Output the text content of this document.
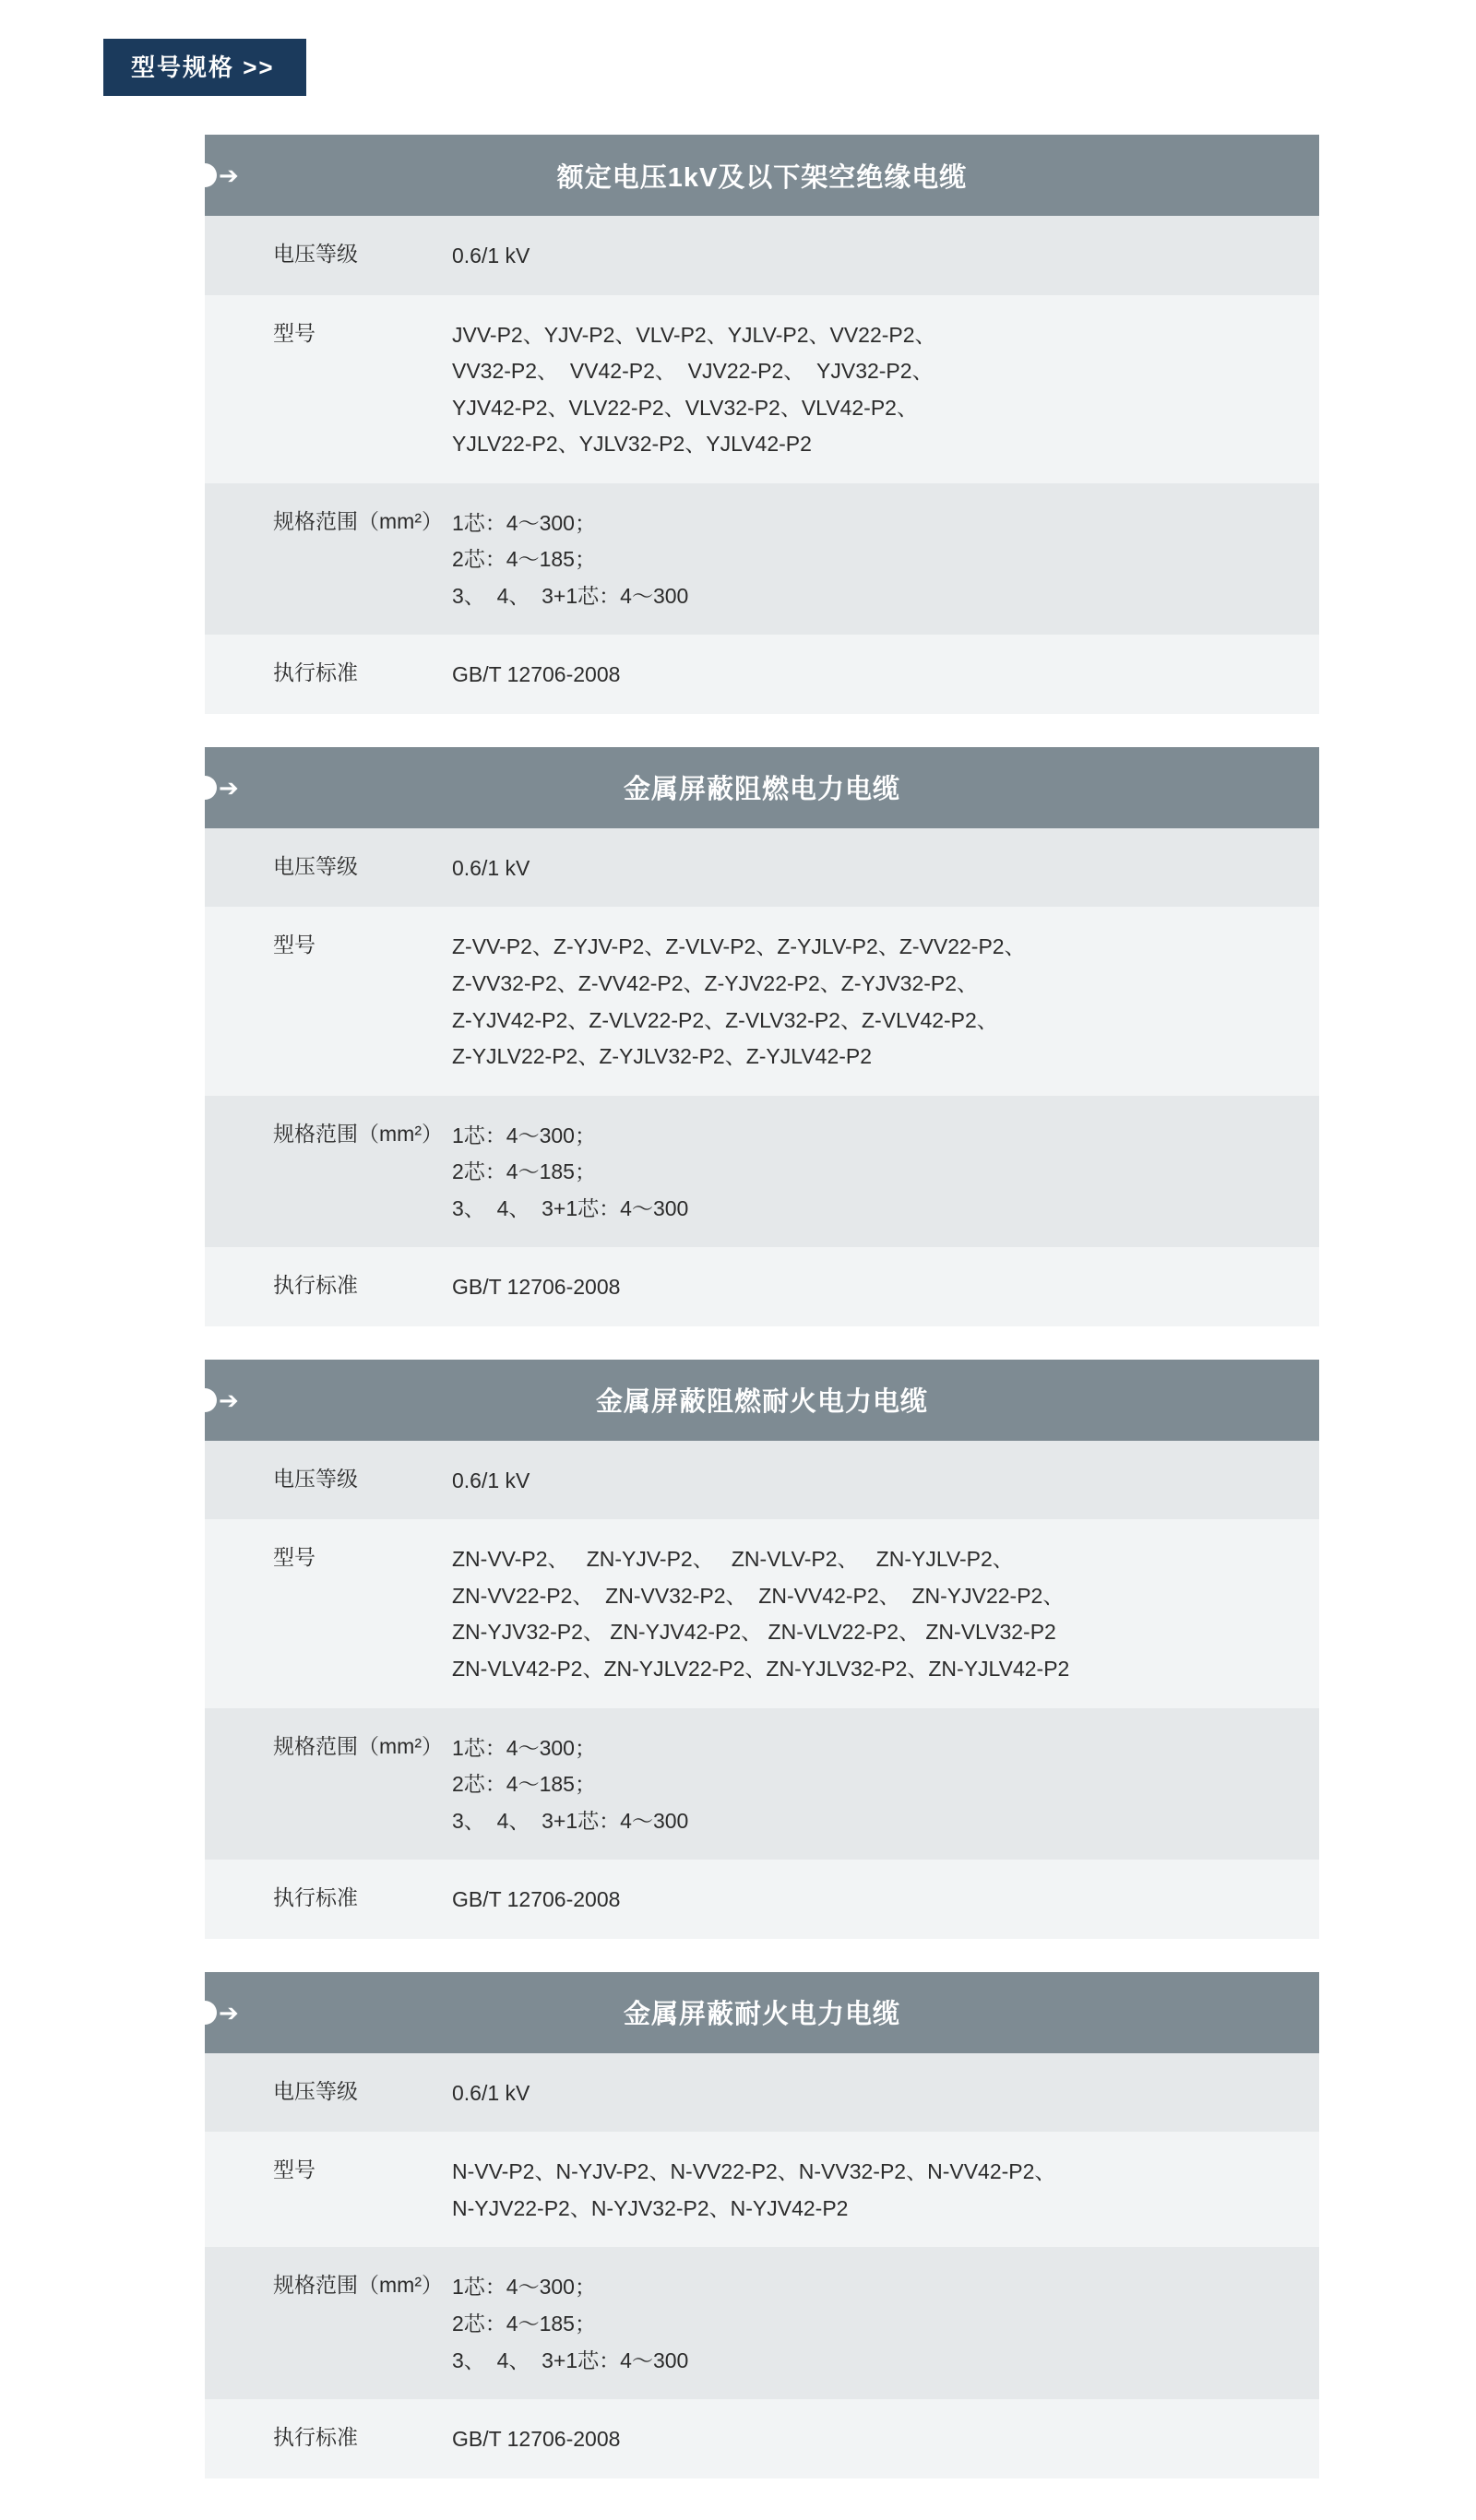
型号规格 >>
➔	额定电压1kV及以下架空绝缘电缆
电压等级	0.6/1 kV
型号	JVV-P2、YJV-P2、VLV-P2、YJLV-P2、VV22-P2、
VV32-P2、  VV42-P2、  VJV22-P2、  YJV32-P2、
YJV42-P2、VLV22-P2、VLV32-P2、VLV42-P2、
YJLV22-P2、YJLV32-P2、YJLV42-P2
规格范围（mm²） 1芯：4～300；
2芯：4～185；
3、  4、  3+1芯：4～300
执行标准	GB/T 12706-2008
➔	金属屏蔽阻燃电力电缆
电压等级	0.6/1 kV
型号	Z-VV-P2、Z-YJV-P2、Z-VLV-P2、Z-YJLV-P2、Z-VV22-P2、
Z-VV32-P2、Z-VV42-P2、Z-YJV22-P2、Z-YJV32-P2、
Z-YJV42-P2、Z-VLV22-P2、Z-VLV32-P2、Z-VLV42-P2、
Z-YJLV22-P2、Z-YJLV32-P2、Z-YJLV42-P2
规格范围（mm²） 1芯：4～300；
2芯：4～185；
3、  4、  3+1芯：4～300
执行标准	GB/T 12706-2008
➔	金属屏蔽阻燃耐火电力电缆
电压等级	0.6/1 kV
型号	ZN-VV-P2、   ZN-YJV-P2、   ZN-VLV-P2、   ZN-YJLV-P2、
ZN-VV22-P2、  ZN-VV32-P2、  ZN-VV42-P2、  ZN-YJV22-P2、
ZN-YJV32-P2、 ZN-YJV42-P2、 ZN-VLV22-P2、 ZN-VLV32-P2
ZN-VLV42-P2、ZN-YJLV22-P2、ZN-YJLV32-P2、ZN-YJLV42-P2
规格范围（mm²） 1芯：4～300；
2芯：4～185；
3、  4、  3+1芯：4～300
执行标准	GB/T 12706-2008
➔	金属屏蔽耐火电力电缆
电压等级	0.6/1 kV
型号	N-VV-P2、N-YJV-P2、N-VV22-P2、N-VV32-P2、N-VV42-P2、
N-YJV22-P2、N-YJV32-P2、N-YJV42-P2
规格范围（mm²） 1芯：4～300；
2芯：4～185；
3、  4、  3+1芯：4～300
执行标准	GB/T 12706-2008
